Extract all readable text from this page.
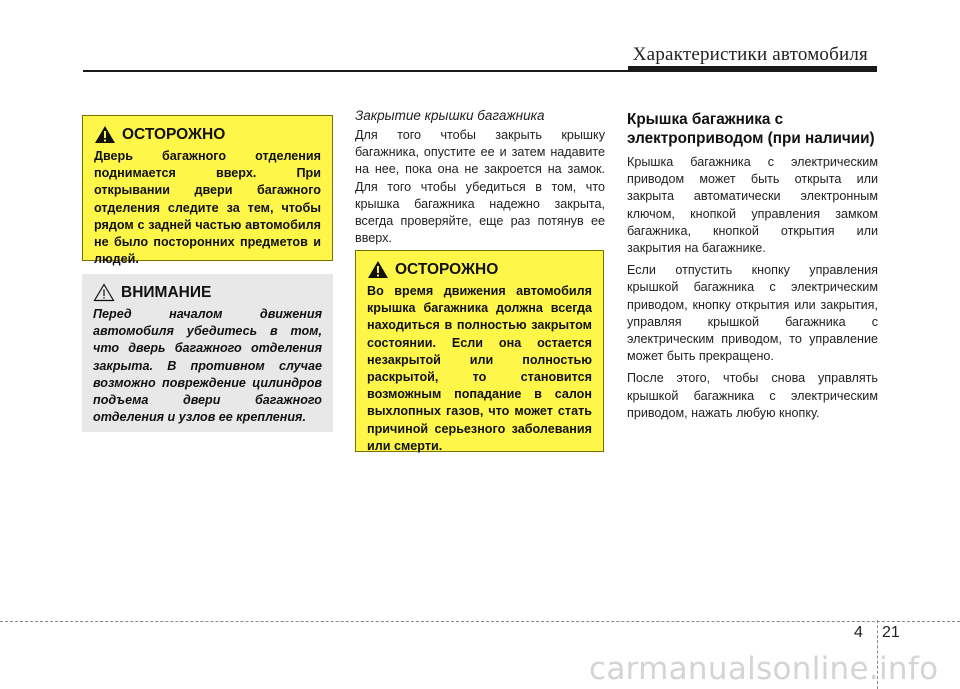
Характеристики автомобиля
ОСТОРОЖНО
Дверь багажного отделения поднимается вверх. При открывании двери багажного отделения следите за тем, чтобы рядом с задней частью автомобиля не было посторонних предметов и людей.
ВНИМАНИЕ
Перед началом движения автомобиля убедитесь в том, что дверь багажного отделения закрыта. В противном случае возможно повреждение цилиндров подъема двери багажного отделения и узлов ее крепления.
Закрытие крышки багажника
Для того чтобы закрыть крышку багажника, опустите ее и затем надавите на нее, пока она не закроется на замок. Для того чтобы убедиться в том, что крышка багажника надежно закрыта, всегда проверяйте, еще раз потянув ее вверх.
ОСТОРОЖНО
Во время движения автомобиля крышка багажника должна всегда находиться в полностью закрытом состоянии. Если она остается незакрытой или полностью раскрытой, то становится возможным попадание в салон выхлопных газов, что может стать причиной серьезного заболевания или смерти.
Крышка багажника с электроприводом (при наличии)
Крышка багажника с электрическим приводом может быть открыта или закрыта автоматически электронным ключом, кнопкой управления замком багажника, кнопкой открытия или закрытия на багажнике.
Если отпустить кнопку управления крышкой багажника с электрическим приводом, кнопку открытия или закрытия, управляя крышкой багажника с электрическим приводом, то управление может быть прекращено.
После этого, чтобы снова управлять крышкой багажника с электрическим приводом, нажать любую кнопку.
4 21
carmanualsonline.info
